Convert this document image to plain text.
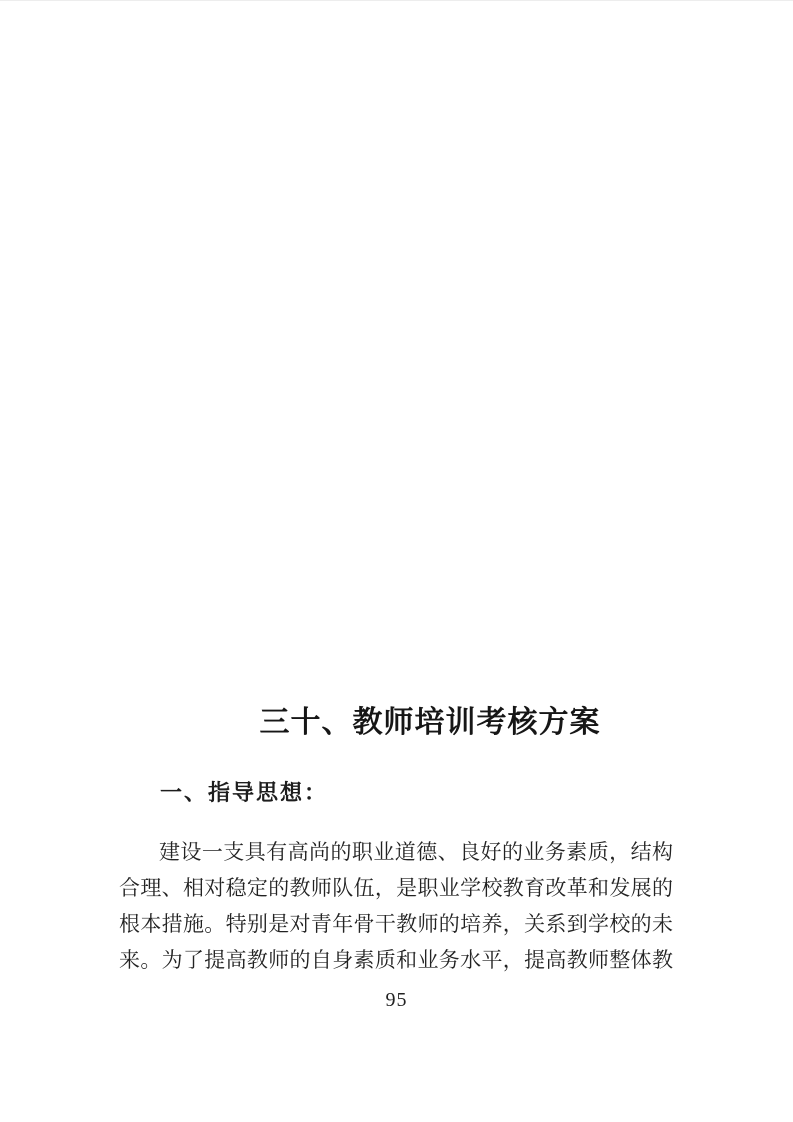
三十、教师培训考核方案
一、指导思想：
建设一支具有高尚的职业道德、良好的业务素质，结构
合理、相对稳定的教师队伍，是职业学校教育改革和发展的
根本措施。特别是对青年骨干教师的培养，关系到学校的未
来。为了提高教师的自身素质和业务水平，提高教师整体教
95
